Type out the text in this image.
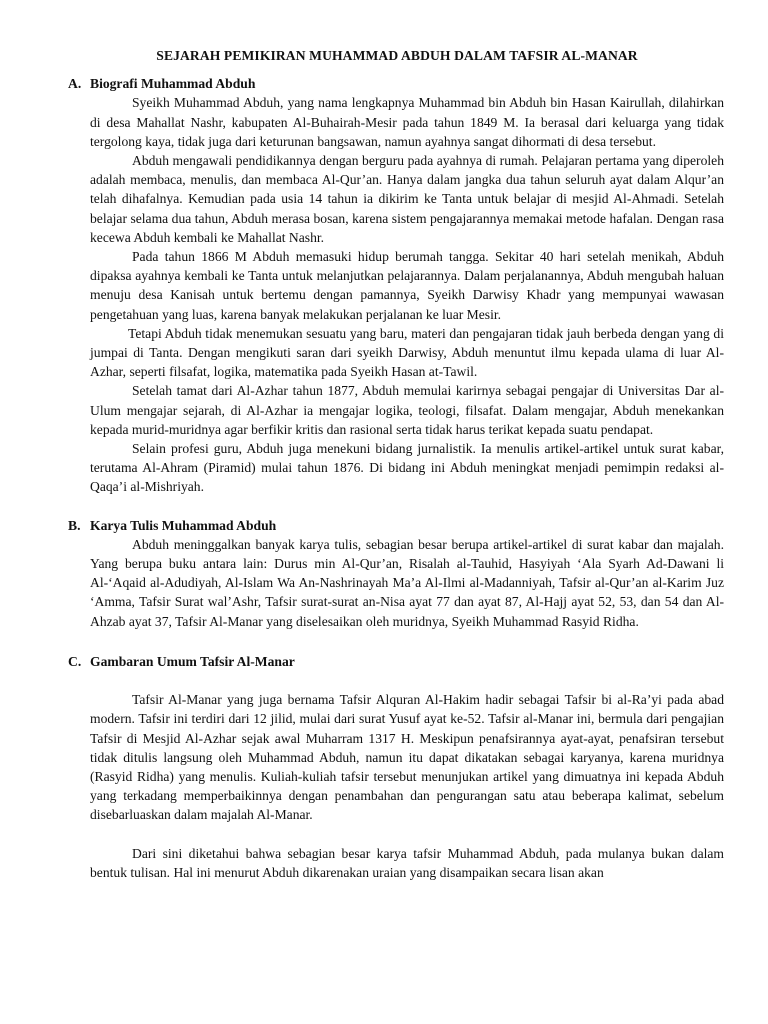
SEJARAH PEMIKIRAN MUHAMMAD ABDUH DALAM TAFSIR AL-MANAR
A. Biografi Muhammad Abduh

Syeikh Muhammad Abduh, yang nama lengkapnya Muhammad bin Abduh bin Hasan Kairullah, dilahirkan di desa Mahallat Nashr, kabupaten Al-Buhairah-Mesir pada tahun 1849 M. Ia berasal dari keluarga yang tidak tergolong kaya, tidak juga dari keturunan bangsawan, namun ayahnya sangat dihormati di desa tersebut.

Abduh mengawali pendidikannya dengan berguru pada ayahnya di rumah. Pelajaran pertama yang diperoleh adalah membaca, menulis, dan membaca Al-Qur’an. Hanya dalam jangka dua tahun seluruh ayat dalam Alqur’an telah dihafalnya. Kemudian pada usia 14 tahun ia dikirim ke Tanta untuk belajar di mesjid Al-Ahmadi. Setelah belajar selama dua tahun, Abduh merasa bosan, karena sistem pengajarannya memakai metode hafalan. Dengan rasa kecewa Abduh kembali ke Mahallat Nashr.

Pada tahun 1866 M Abduh memasuki hidup berumah tangga. Sekitar 40 hari setelah menikah, Abduh dipaksa ayahnya kembali ke Tanta untuk melanjutkan pelajarannya. Dalam perjalanannya, Abduh mengubah haluan menuju desa Kanisah untuk bertemu dengan pamannya, Syeikh Darwisy Khadr yang mempunyai wawasan pengetahuan yang luas, karena banyak melakukan perjalanan ke luar Mesir.

Tetapi Abduh tidak menemukan sesuatu yang baru, materi dan pengajaran tidak jauh berbeda dengan yang di jumpai di Tanta. Dengan mengikuti saran dari syeikh Darwisy, Abduh menuntut ilmu kepada ulama di luar Al-Azhar, seperti filsafat, logika, matematika pada Syeikh Hasan at-Tawil.

Setelah tamat dari Al-Azhar tahun 1877, Abduh memulai karirnya sebagai pengajar di Universitas Dar al-Ulum mengajar sejarah, di Al-Azhar ia mengajar logika, teologi, filsafat. Dalam mengajar, Abduh menekankan kepada murid-muridnya agar berfikir kritis dan rasional serta tidak harus terikat kepada suatu pendapat.

Selain profesi guru, Abduh juga menekuni bidang jurnalistik. Ia menulis artikel-artikel untuk surat kabar, terutama Al-Ahram (Piramid) mulai tahun 1876. Di bidang ini Abduh meningkat menjadi pemimpin redaksi al-Qaqa’i al-Mishriyah.

B. Karya Tulis Muhammad Abduh

Abduh meninggalkan banyak karya tulis, sebagian besar berupa artikel-artikel di surat kabar dan majalah. Yang berupa buku antara lain: Durus min Al-Qur’an, Risalah al-Tauhid, Hasyiyah ‘Ala Syarh Ad-Dawani li Al-‘Aqaid al-Adudiyah, Al-Islam Wa An-Nashrinayah Ma’a Al-Ilmi al-Madanniyah, Tafsir al-Qur’an al-Karim Juz ‘Amma, Tafsir Surat wal’Ashr, Tafsir surat-surat an-Nisa ayat 77 dan ayat 87, Al-Hajj ayat 52, 53, dan 54 dan Al-Ahzab ayat 37, Tafsir Al-Manar yang diselesaikan oleh muridnya, Syeikh Muhammad Rasyid Ridha.

C. Gambaran Umum Tafsir Al-Manar

Tafsir Al-Manar yang juga bernama Tafsir Alquran Al-Hakim hadir sebagai Tafsir bi al-Ra’yi pada abad modern. Tafsir ini terdiri dari 12 jilid, mulai dari surat Yusuf ayat ke-52. Tafsir al-Manar ini, bermula dari pengajian Tafsir di Mesjid Al-Azhar sejak awal Muharram 1317 H. Meskipun penafsirannya ayat-ayat, penafsiran tersebut tidak ditulis langsung oleh Muhammad Abduh, namun itu dapat dikatakan sebagai karyanya, karena muridnya (Rasyid Ridha) yang menulis. Kuliah-kuliah tafsir tersebut menunjukan artikel yang dimuatnya ini kepada Abduh yang terkadang memperbaikinnya dengan penambahan dan pengurangan satu atau beberapa kalimat, sebelum disebarluaskan dalam majalah Al-Manar.

Dari sini diketahui bahwa sebagian besar karya tafsir Muhammad Abduh, pada mulanya bukan dalam bentuk tulisan. Hal ini menurut Abduh dikarenakan uraian yang disampaikan secara lisan akan
